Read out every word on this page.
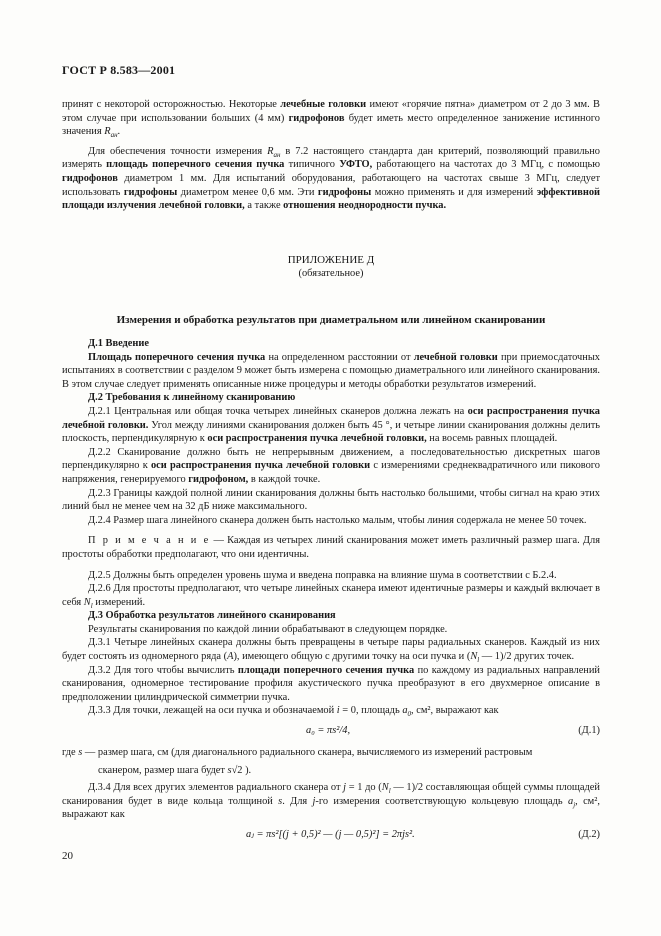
ГОСТ Р 8.583—2001

принят с некоторой осторожностью. Некоторые лечебные головки имеют «горячие пятна» диаметром от 2 до 3 мм. В этом случае при использовании больших (4 мм) гидрофонов будет иметь место определенное занижение истинного значения $R_{ан}$.

Для обеспечения точности измерения $R_{ан}$ в 7.2 настоящего стандарта дан критерий, позволяющий правильно измерять площадь поперечного сечения пучка типичного УФТО, работающего на частотах до 3 МГц, с помощью гидрофонов диаметром 1 мм. Для испытаний оборудования, работающего на частотах свыше 3 МГц, следует использовать гидрофоны диаметром менее 0,6 мм. Эти гидрофоны можно применять и для измерений эффективной площади излучения лечебной головки, а также отношения неоднородности пучка.

ПРИЛОЖЕНИЕ Д
(обязательное)
Измерения и обработка результатов при диаметральном или линейном сканировании

Д.1 Введение

Площадь поперечного сечения пучка на определенном расстоянии от лечебной головки при приемосдаточных испытаниях в соответствии с разделом 9 может быть измерена с помощью диаметрального или линейного сканирования. В этом случае следует применять описанные ниже процедуры и методы обработки результатов измерений.

Д.2 Требования к линейному сканированию

Д.2.1 Центральная или общая точка четырех линейных сканеров должна лежать на оси распространения пучка лечебной головки. Угол между линиями сканирования должен быть 45 °, и четыре линии сканирования должны делить плоскость, перпендикулярную к оси распространения пучка лечебной головки, на восемь равных площадей.

Д.2.2 Сканирование должно быть не непрерывным движением, а последовательностью дискретных шагов перпендикулярно к оси распространения пучка лечебной головки с измерениями среднеквадратичного или пикового напряжения, генерируемого гидрофоном, в каждой точке.

Д.2.3 Границы каждой полной линии сканирования должны быть настолько большими, чтобы сигнал на краю этих линий был не менее чем на 32 дБ ниже максимального.

Д.2.4 Размер шага линейного сканера должен быть настолько малым, чтобы линия содержала не менее 50 точек.

П р и м е ч а н и е — Каждая из четырех линий сканирования может иметь различный размер шага. Для простоты обработки предполагают, что они идентичны.

Д.2.5 Должны быть определен уровень шума и введена поправка на влияние шума в соответствии с Б.2.4.

Д.2.6 Для простоты предполагают, что четыре линейных сканера имеют идентичные размеры и каждый включает в себя $N_l$ измерений.

Д.3 Обработка результатов линейного сканирования

Результаты сканирования по каждой линии обрабатывают в следующем порядке.

Д.3.1 Четыре линейных сканера должны быть превращены в четыре пары радиальных сканеров. Каждый из них будет состоять из одномерного ряда (A), имеющего общую с другими точку на оси пучка и ($N_l$ — 1)/2 других точек.

Д.3.2 Для того чтобы вычислить площади поперечного сечения пучка по каждому из радиальных направлений сканирования, одномерное тестирование профиля акустического пучка преобразуют в его двухмерное описание в предположении цилиндрической симметрии пучка.

Д.3.3 Для точки, лежащей на оси пучка и обозначаемой i = 0, площадь $a_0$, см², выражают как

a₀ = πs²/4,	(Д.1)

где s — размер шага, см (для диагонального радиального сканера, вычисляемого из измерений растровым

сканером, размер шага будет s√2 ).

Д.3.4 Для всех других элементов радиального сканера от j = 1 до ($N_l$ — 1)/2 составляющая общей суммы площадей сканирования будет в виде кольца толщиной s. Для j-го измерения соответствующую кольцевую площадь $a_j$, см², выражают как

aⱼ = πs²[(j + 0,5)² — (j — 0,5)²] = 2πjs².	(Д.2)
20
